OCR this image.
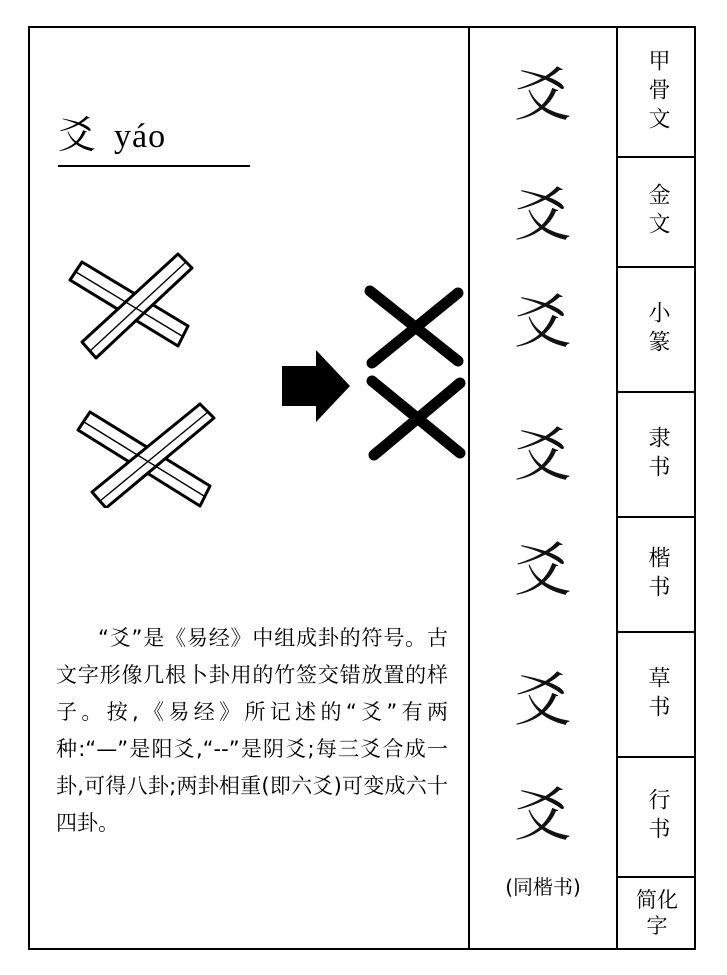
爻 yáo
“爻”是《易经》中组成卦的符号。古文字形像几根卜卦用的竹签交错放置的样子。按,《易经》所记述的“爻”有两种:“—”是阳爻,“--”是阴爻;每三爻合成一卦,可得八卦;两卦相重(即六爻)可变成六十四卦。
爻
爻
爻
爻
爻
爻
爻
(同楷书)
甲骨文
金文
小篆
隶书
楷书
草书
行书
简化字
